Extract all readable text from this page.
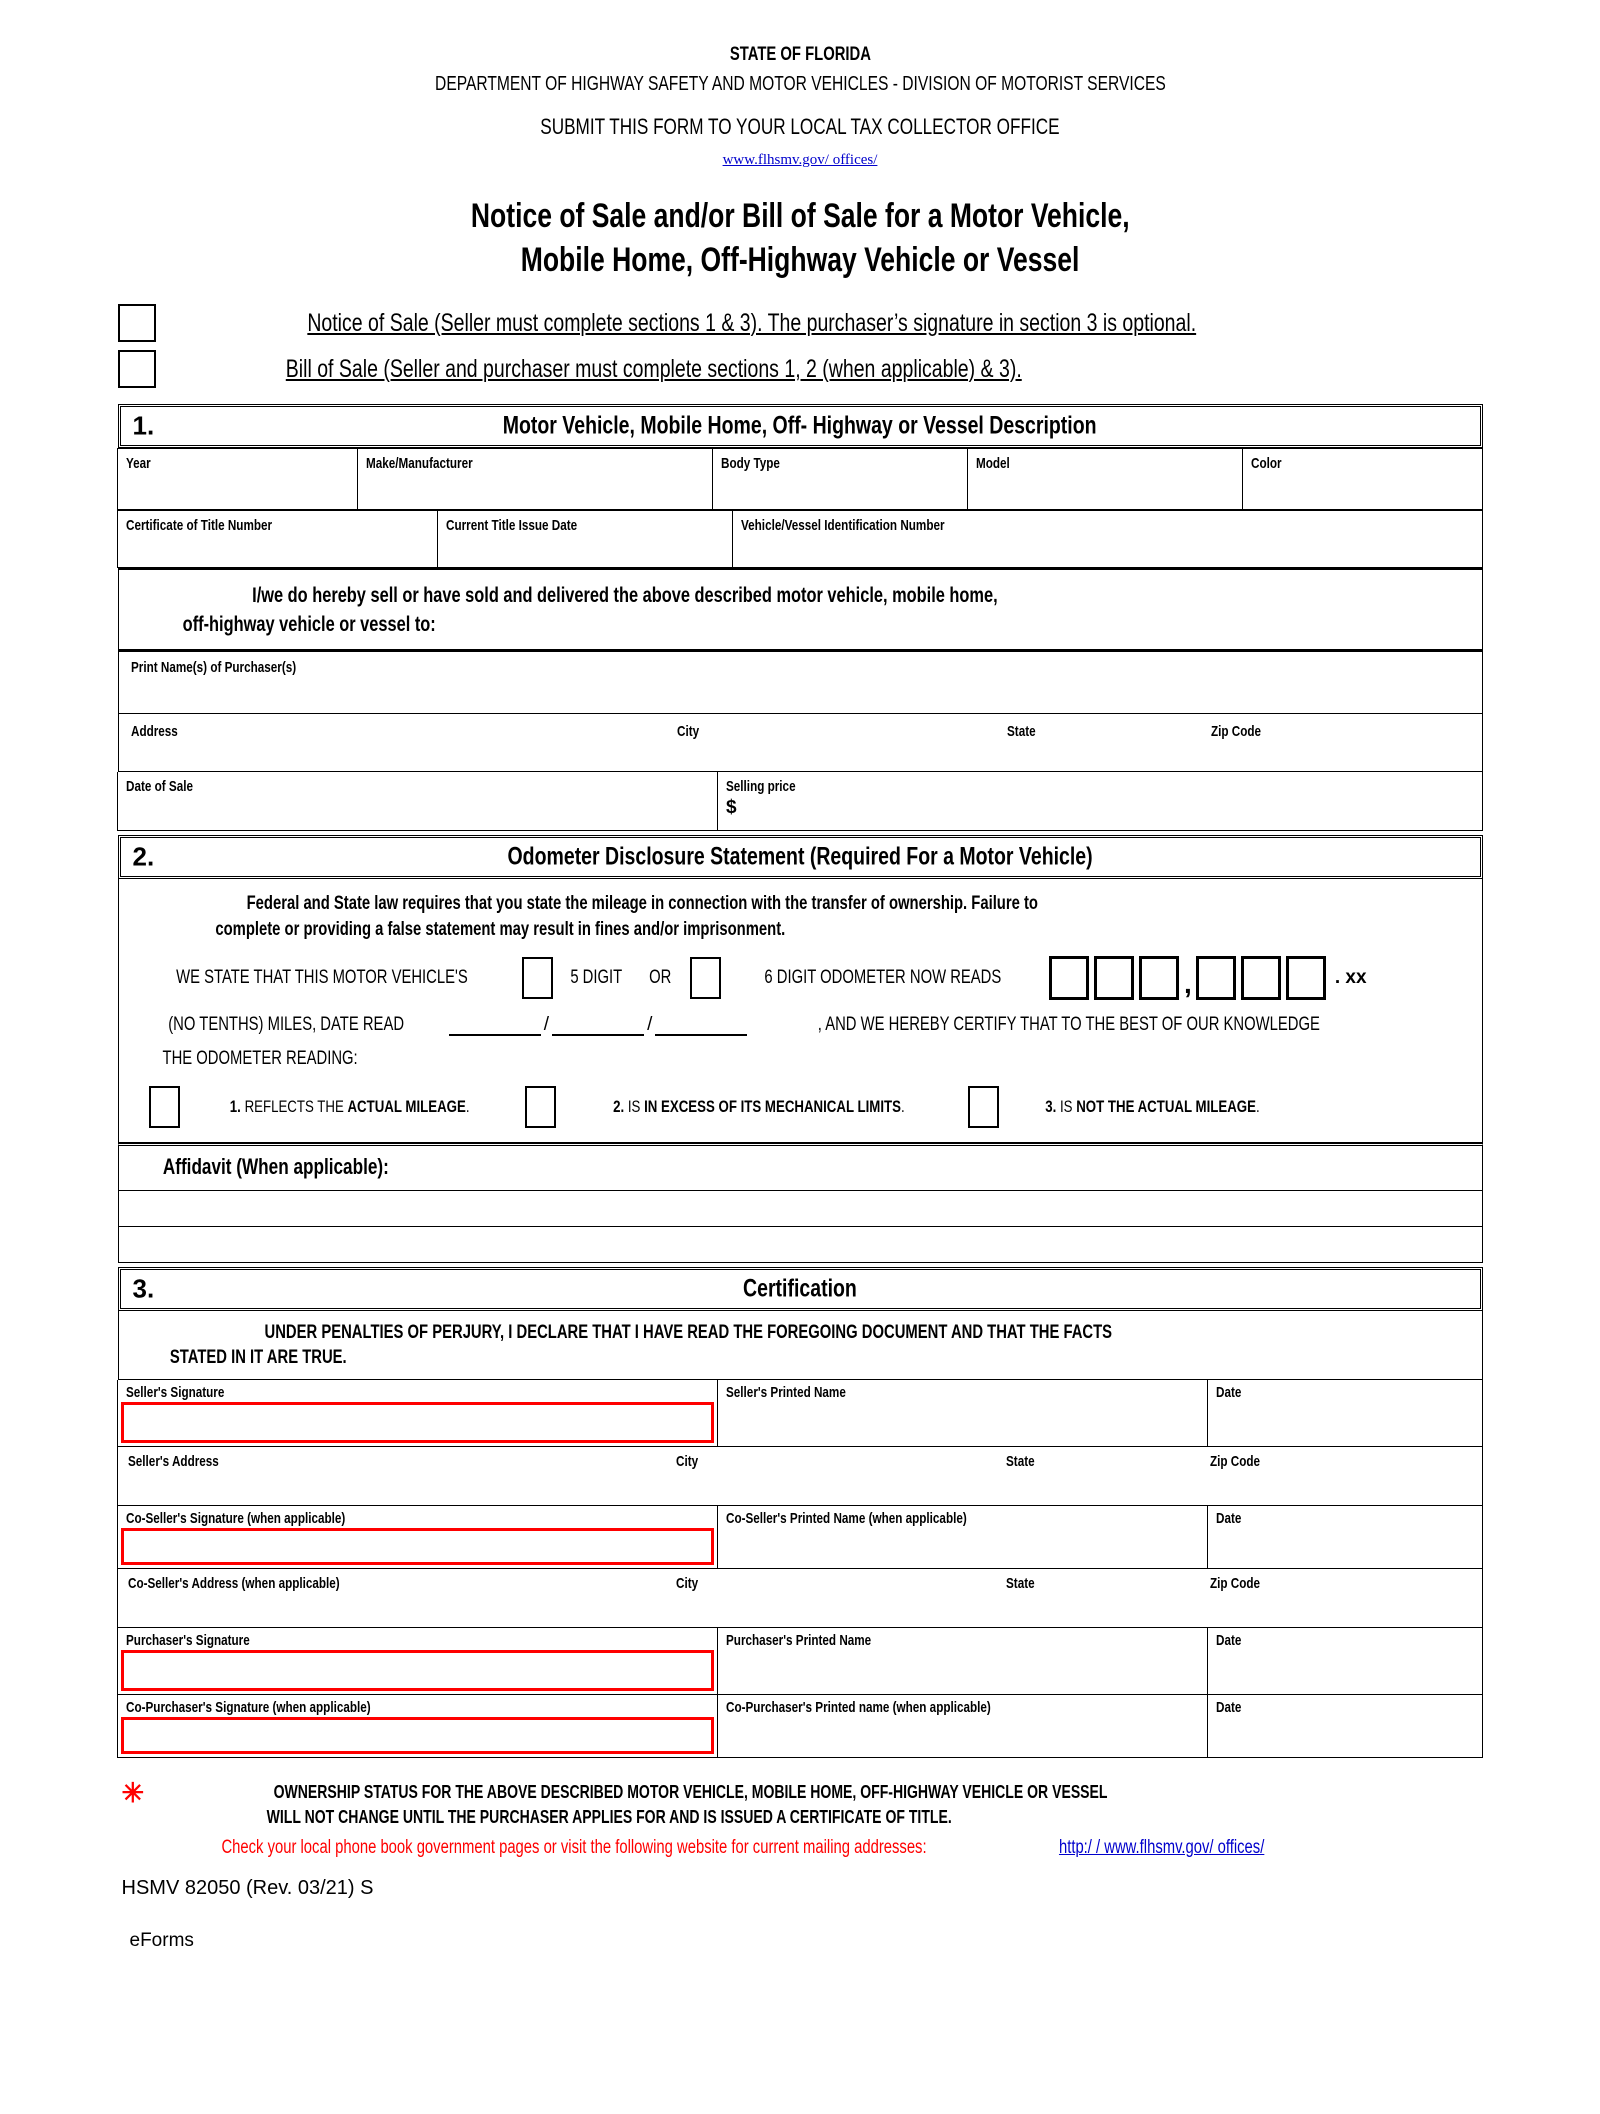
STATE OF FLORIDA
DEPARTMENT OF HIGHWAY SAFETY AND MOTOR VEHICLES - DIVISION OF MOTORIST SERVICES
SUBMIT THIS FORM TO YOUR LOCAL TAX COLLECTOR OFFICE
www.flhsmv.gov/ offices/
Notice of Sale and/or Bill of Sale for a Motor Vehicle,
Mobile Home, Off-Highway Vehicle or Vessel
Notice of Sale (Seller must complete sections 1 & 3). The purchaser’s signature in section 3 is optional.
Bill of Sale (Seller and purchaser must complete sections 1, 2 (when applicable) & 3).
1.	Motor Vehicle, Mobile Home, Off- Highway or Vessel Description
Year	Make/Manufacturer	Body Type	Model	Color
Certificate of Title Number	Current Title Issue Date	Vehicle/Vessel Identification Number
I/we do hereby sell or have sold and delivered the above described motor vehicle, mobile home,
off-highway vehicle or vessel to:
Print Name(s) of Purchaser(s)
Address	City	State	Zip Code
Date of Sale	Selling price
$
2.	Odometer Disclosure Statement (Required For a Motor Vehicle)
Federal and State law requires that you state the mileage in connection with the transfer of ownership. Failure to
complete or providing a false statement may result in fines and/or imprisonment.
WE STATE THAT THIS MOTOR VEHICLE'S	5 DIGIT OR	6 DIGIT ODOMETER NOW READS	,	. xx
(NO TENTHS) MILES, DATE READ	/	/	, AND WE HEREBY CERTIFY THAT TO THE BEST OF OUR KNOWLEDGE
THE ODOMETER READING:
1. REFLECTS THE ACTUAL MILEAGE.	2. IS IN EXCESS OF ITS MECHANICAL LIMITS.	3. IS NOT THE ACTUAL MILEAGE.
Affidavit (When applicable):
3.	Certification
UNDER PENALTIES OF PERJURY, I DECLARE THAT I HAVE READ THE FOREGOING DOCUMENT AND THAT THE FACTS
STATED IN IT ARE TRUE.
Seller's Signature	Seller's Printed Name	Date

Seller's Address City State Zip Code		

Co-Seller's Signature (when applicable)	Co-Seller's Printed Name (when applicable)	Date

Co-Seller's Address (when applicable) City State Zip Code		

Purchaser's Signature	Purchaser's Printed Name	Date
Co-Purchaser's Signature (when applicable)	Co-Purchaser's Printed name (when applicable)	Date
✳	OWNERSHIP STATUS FOR THE ABOVE DESCRIBED MOTOR VEHICLE, MOBILE HOME, OFF-HIGHWAY VEHICLE OR VESSEL
WILL NOT CHANGE UNTIL THE PURCHASER APPLIES FOR AND IS ISSUED A CERTIFICATE OF TITLE.
Check your local phone book government pages or visit the following website for current mailing addresses:	http:/ / www.flhsmv.gov/ offices/
HSMV 82050 (Rev. 03/21) S
eForms
